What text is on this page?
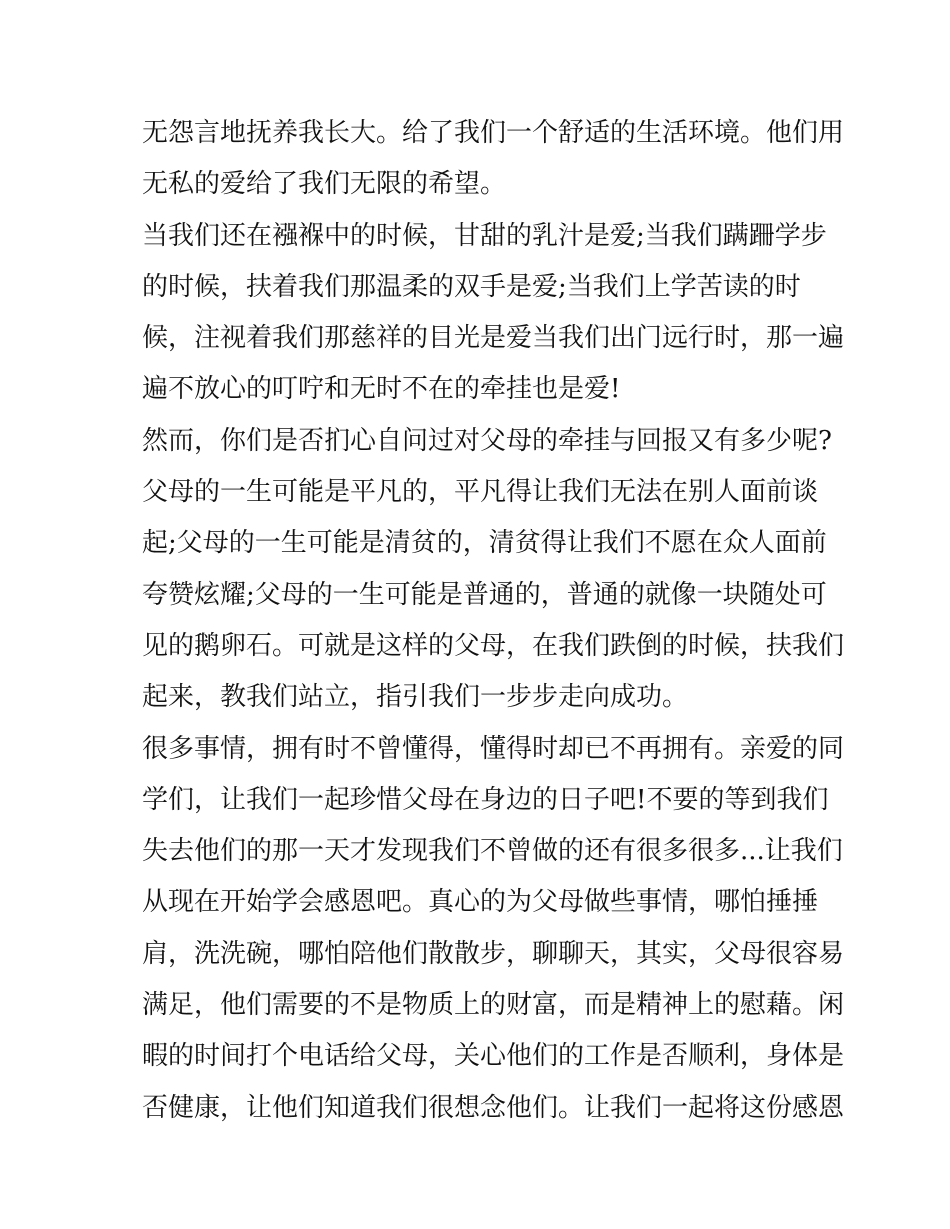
无怨言地抚养我长大。给了我们一个舒适的生活环境。他们用
无私的爱给了我们无限的希望。
当我们还在襁褓中的时候，甘甜的乳汁是爱;当我们蹒跚学步
的时候，扶着我们那温柔的双手是爱;当我们上学苦读的时
候，注视着我们那慈祥的目光是爱当我们出门远行时，那一遍
遍不放心的叮咛和无时不在的牵挂也是爱!
然而，你们是否扪心自问过对父母的牵挂与回报又有多少呢?
父母的一生可能是平凡的，平凡得让我们无法在别人面前谈
起;父母的一生可能是清贫的，清贫得让我们不愿在众人面前
夸赞炫耀;父母的一生可能是普通的，普通的就像一块随处可
见的鹅卵石。可就是这样的父母，在我们跌倒的时候，扶我们
起来，教我们站立，指引我们一步步走向成功。
很多事情，拥有时不曾懂得，懂得时却已不再拥有。亲爱的同
学们，让我们一起珍惜父母在身边的日子吧!不要的等到我们
失去他们的那一天才发现我们不曾做的还有很多很多...让我们
从现在开始学会感恩吧。真心的为父母做些事情，哪怕捶捶
肩，洗洗碗，哪怕陪他们散散步，聊聊天，其实，父母很容易
满足，他们需要的不是物质上的财富，而是精神上的慰藉。闲
暇的时间打个电话给父母，关心他们的工作是否顺利，身体是
否健康，让他们知道我们很想念他们。让我们一起将这份感恩
